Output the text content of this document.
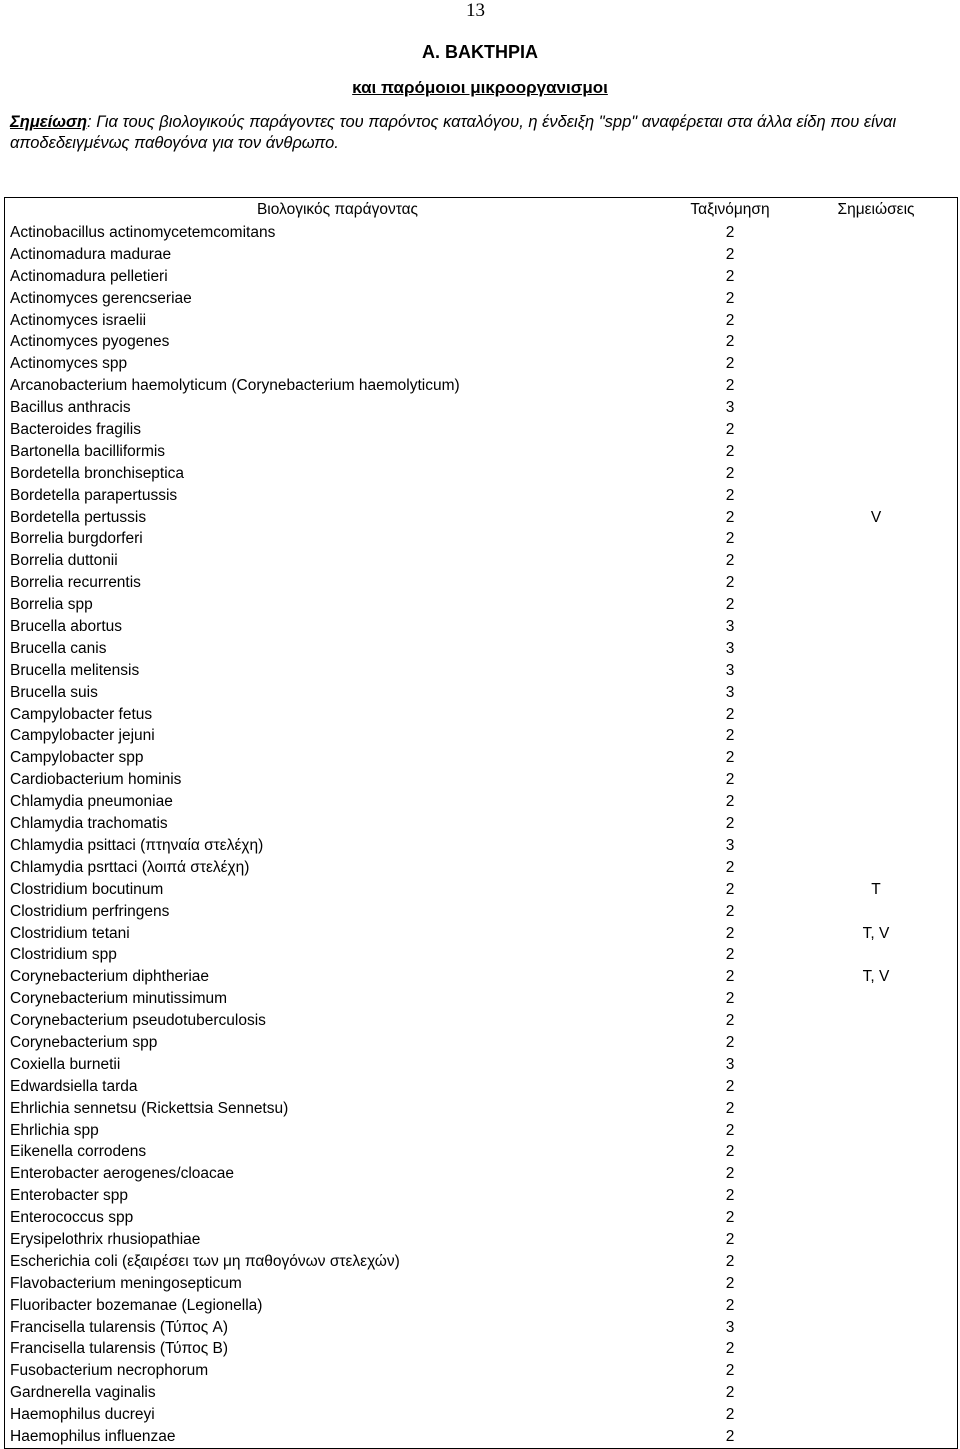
13
Α. ΒΑΚΤΗΡΙΑ
και παρόμοιοι μικροοργανισμοι
Σημείωση: Για τους βιολογικούς παράγοντες του παρόντος καταλόγου, η ένδειξη "spp" αναφέρεται στα άλλα είδη που είναι αποδεδειγμένως παθογόνα για τον άνθρωπο.
Βιολογικός παράγοντας	Ταξινόμηση	Σημειώσεις
Actinobacillus actinomycetemcomitans	2
Actinomadura madurae	2
Actinomadura pelletieri	2
Actinomyces gerencseriae	2
Actinomyces israelii	2
Actinomyces pyogenes	2
Actinomyces spp	2
Arcanobacterium haemolyticum (Corynebacterium haemolyticum)	2
Bacillus anthracis	3
Bacteroides fragilis	2
Bartonella bacilliformis	2
Bordetella bronchiseptica	2
Bordetella parapertussis	2
Bordetella pertussis	2	V
Borrelia burgdorferi	2
Borrelia duttonii	2
Borrelia recurrentis	2
Borrelia spp	2
Brucella abortus	3
Brucella canis	3
Brucella melitensis	3
Brucella suis	3
Campylobacter fetus	2
Campylobacter jejuni	2
Campylobacter spp	2
Cardiobacterium hominis	2
Chlamydia pneumoniae	2
Chlamydia trachomatis	2
Chlamydia psittaci (πτηναία στελέχη)	3
Chlamydia psrttaci (λοιπά στελέχη)	2
Clostridium bocutinum	2	T
Clostridium perfringens	2
Clostridium tetani	2	T, V
Clostridium spp	2
Corynebacterium diphtheriae	2	T, V
Corynebacterium minutissimum	2
Corynebacterium pseudotuberculosis	2
Corynebacterium spp	2
Coxiella burnetii	3
Edwardsiella tarda	2
Ehrlichia sennetsu (Rickettsia Sennetsu)	2
Ehrlichia spp	2
Eikenella corrodens	2
Enterobacter aerogenes/cloacae	2
Enterobacter spp	2
Enterococcus spp	2
Erysipelothrix rhusiopathiae	2
Escherichia coli (εξαιρέσει των μη παθογόνων στελεχών)	2
Flavobacterium meningosepticum	2
Fluoribacter bozemanae (Legionella)	2
Francisella tularensis (Τύπος A)	3
Francisella tularensis (Τύπος B)	2
Fusobacterium necrophorum	2
Gardnerella vaginalis	2
Haemophilus ducreyi	2
Haemophilus influenzae	2
